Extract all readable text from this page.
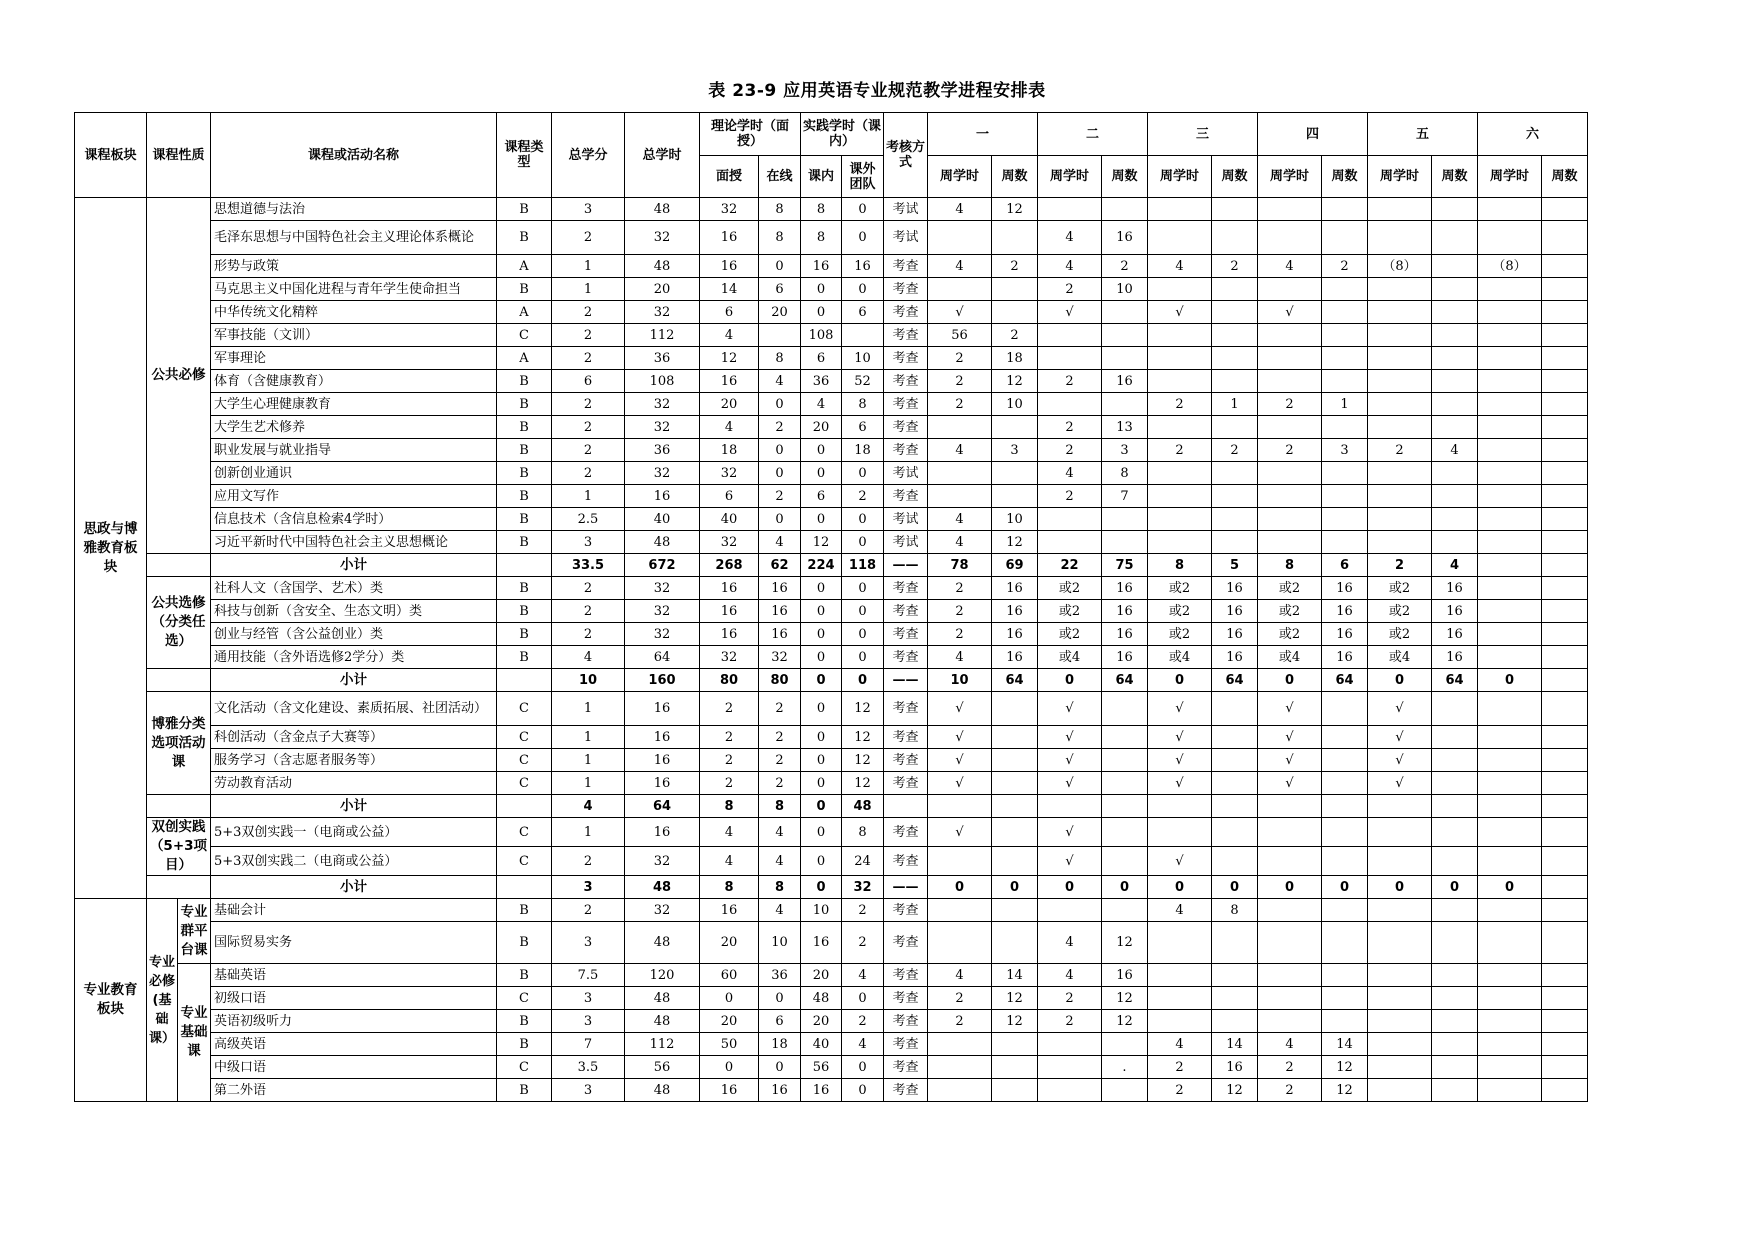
表 23-9 应用英语专业规范教学进程安排表
课程板块	课程性质		课程或活动名称	课程类型	总学分	总学时	理论学时（面授）		实践学时（课内）		考核方式	一		二		三		四		五		六	
							面授	在线	课内	课外团队		周学时	周数	周学时	周数	周学时	周数	周学时	周数	周学时	周数	周学时	周数
思政与博雅教育板块	公共必修		思想道德与法治	B	3	48	32	8	8	0	考试	4	12										
			毛泽东思想与中国特色社会主义理论体系概论	B	2	32	16	8	8	0	考试			4	16								
			形势与政策	A	1	48	16	0	16	16	考查	4	2	4	2	4	2	4	2	（8）		（8）	
			马克思主义中国化进程与青年学生使命担当	B	1	20	14	6	0	0	考查			2	10								
			中华传统文化精粹	A	2	32	6	20	0	6	考查	√		√		√		√					
			军事技能（文训）	C	2	112	4		108		考查	56	2										
			军事理论	A	2	36	12	8	6	10	考查	2	18										
			体育（含健康教育）	B	6	108	16	4	36	52	考查	2	12	2	16								
			大学生心理健康教育	B	2	32	20	0	4	8	考查	2	10			2	1	2	1				
			大学生艺术修养	B	2	32	4	2	20	6	考查			2	13								
			职业发展与就业指导	B	2	36	18	0	0	18	考查	4	3	2	3	2	2	2	3	2	4		
			创新创业通识	B	2	32	32	0	0	0	考试			4	8								
			应用文写作	B	1	16	6	2	6	2	考查			2	7								
			信息技术（含信息检索4学时）	B	2.5	40	40	0	0	0	考试	4	10										
			习近平新时代中国特色社会主义思想概论	B	3	48	32	4	12	0	考试	4	12										
			小计		33.5	672	268	62	224	118	——	78	69	22	75	8	5	8	6	2	4		
	公共选修（分类任选）		社科人文（含国学、艺术）类	B	2	32	16	16	0	0	考查	2	16	或2	16	或2	16	或2	16	或2	16		
			科技与创新（含安全、生态文明）类	B	2	32	16	16	0	0	考查	2	16	或2	16	或2	16	或2	16	或2	16		
			创业与经管（含公益创业）类	B	2	32	16	16	0	0	考查	2	16	或2	16	或2	16	或2	16	或2	16		
			通用技能（含外语选修2学分）类	B	4	64	32	32	0	0	考查	4	16	或4	16	或4	16	或4	16	或4	16		
			小计		10	160	80	80	0	0	——	10	64	0	64	0	64	0	64	0	64	0	
	博雅分类选项活动课		文化活动（含文化建设、素质拓展、社团活动）	C	1	16	2	2	0	12	考查	√		√		√		√		√			
			科创活动（含金点子大赛等）	C	1	16	2	2	0	12	考查	√		√		√		√		√			
			服务学习（含志愿者服务等）	C	1	16	2	2	0	12	考查	√		√		√		√		√			
			劳动教育活动	C	1	16	2	2	0	12	考查	√		√		√		√		√			
			小计		4	64	8	8	0	48													
	双创实践（5+3项目）		5+3双创实践一（电商或公益）	C	1	16	4	4	0	8	考查	√		√									
			5+3双创实践二（电商或公益）	C	2	32	4	4	0	24	考查			√		√							
			小计		3	48	8	8	0	32	——	0	0	0	0	0	0	0	0	0	0	0	
专业教育板块	专业必修(基础课）	专业群平台课	基础会计	B	2	32	16	4	10	2	考查					4	8						
			国际贸易实务	B	3	48	20	10	16	2	考查			4	12								
		专业基础课	基础英语	B	7.5	120	60	36	20	4	考查	4	14	4	16								
			初级口语	C	3	48	0	0	48	0	考查	2	12	2	12								
			英语初级听力	B	3	48	20	6	20	2	考查	2	12	2	12								
			高级英语	B	7	112	50	18	40	4	考查					4	14	4	14				
			中级口语	C	3.5	56	0	0	56	0	考查				.	2	16	2	12				
			第二外语	B	3	48	16	16	16	0	考查					2	12	2	12				
